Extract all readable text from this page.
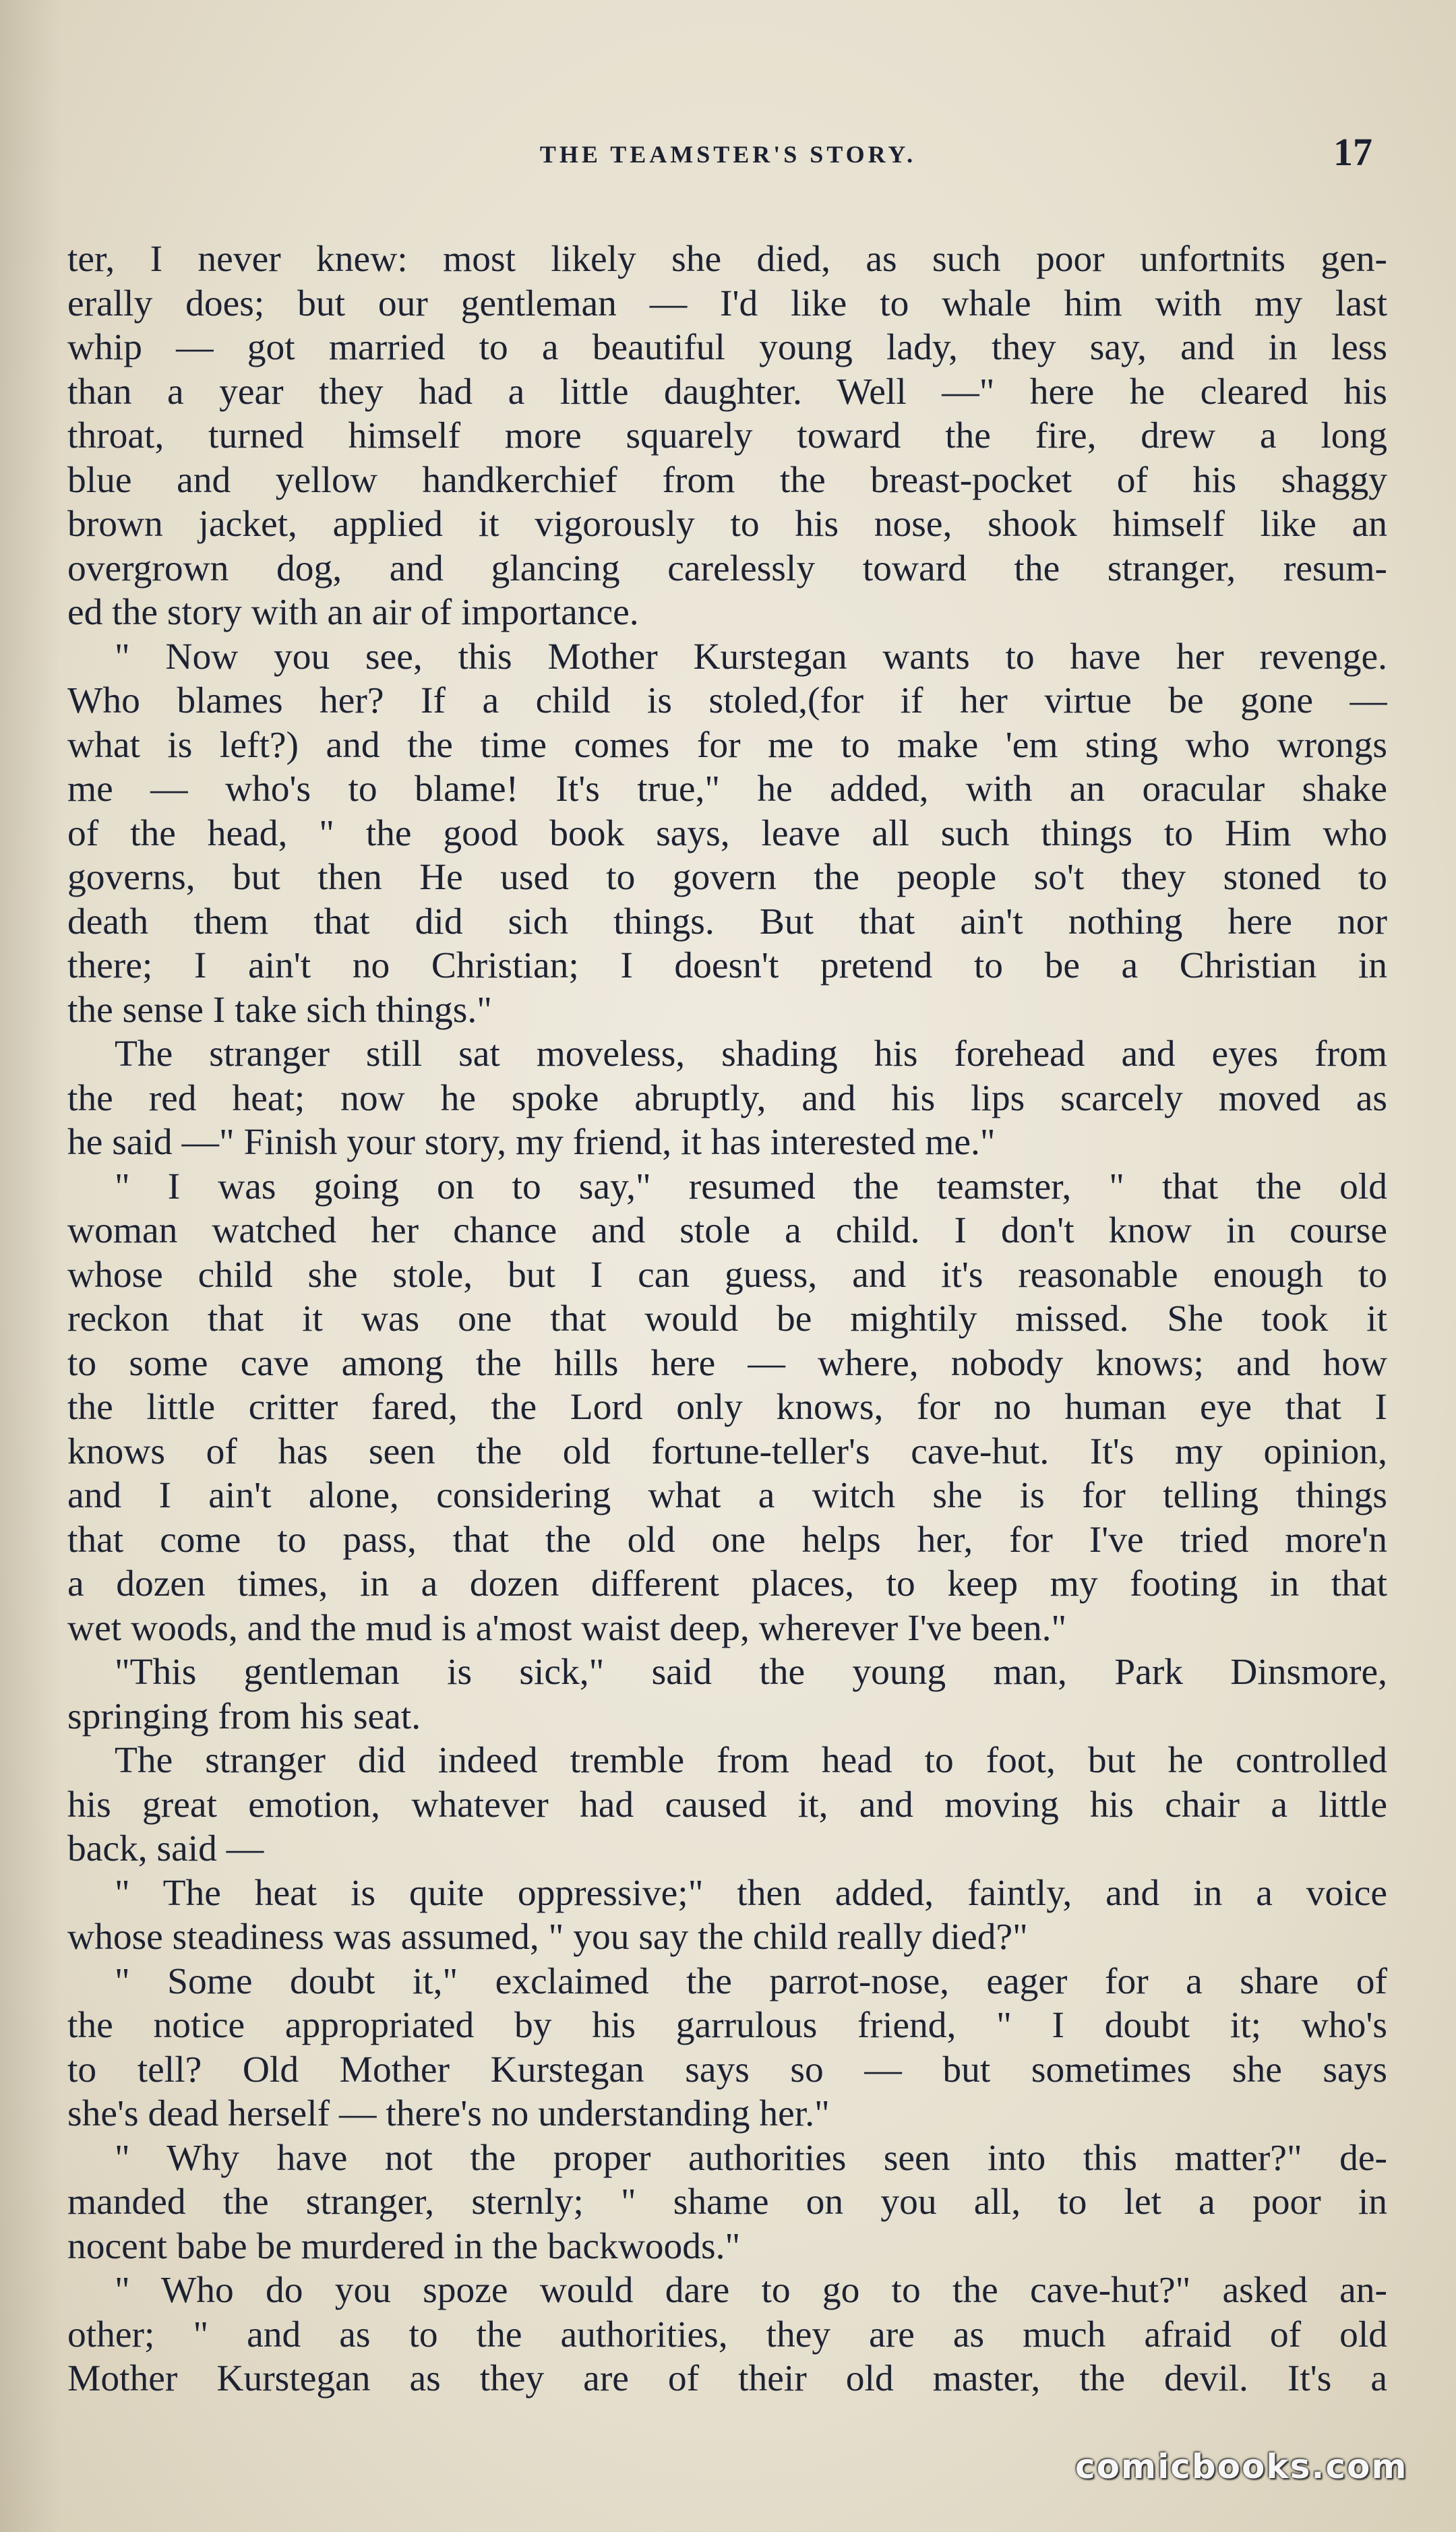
THE TEAMSTER'S STORY.	17
ter, I never knew: most likely she died, as such poor unfortnits gen-
erally does; but our gentleman — I'd like to whale him with my last
whip — got married to a beautiful young lady, they say, and in less
than a year they had a little daughter. Well —" here he cleared his
throat, turned himself more squarely toward the fire, drew a long
blue and yellow handkerchief from the breast-pocket of his shaggy
brown jacket, applied it vigorously to his nose, shook himself like an
overgrown dog, and glancing carelessly toward the stranger, resum-
ed the story with an air of importance.
" Now you see, this Mother Kurstegan wants to have her revenge.
Who blames her? If a child is stoled,(for if her virtue be gone —
what is left?) and the time comes for me to make 'em sting who wrongs
me — who's to blame! It's true," he added, with an oracular shake
of the head, " the good book says, leave all such things to Him who
governs, but then He used to govern the people so't they stoned to
death them that did sich things. But that ain't nothing here nor
there; I ain't no Christian; I doesn't pretend to be a Christian in
the sense I take sich things."
The stranger still sat moveless, shading his forehead and eyes from
the red heat; now he spoke abruptly, and his lips scarcely moved as
he said —" Finish your story, my friend, it has interested me."
" I was going on to say," resumed the teamster, " that the old
woman watched her chance and stole a child. I don't know in course
whose child she stole, but I can guess, and it's reasonable enough to
reckon that it was one that would be mightily missed. She took it
to some cave among the hills here — where, nobody knows; and how
the little critter fared, the Lord only knows, for no human eye that I
knows of has seen the old fortune-teller's cave-hut. It's my opinion,
and I ain't alone, considering what a witch she is for telling things
that come to pass, that the old one helps her, for I've tried more'n
a dozen times, in a dozen different places, to keep my footing in that
wet woods, and the mud is a'most waist deep, wherever I've been."
"This gentleman is sick," said the young man, Park Dinsmore,
springing from his seat.
The stranger did indeed tremble from head to foot, but he controlled
his great emotion, whatever had caused it, and moving his chair a little
back, said —
" The heat is quite oppressive;" then added, faintly, and in a voice
whose steadiness was assumed, " you say the child really died?"
" Some doubt it," exclaimed the parrot-nose, eager for a share of
the notice appropriated by his garrulous friend, " I doubt it; who's
to tell? Old Mother Kurstegan says so — but sometimes she says
she's dead herself — there's no understanding her."
" Why have not the proper authorities seen into this matter?" de-
manded the stranger, sternly; " shame on you all, to let a poor in
nocent babe be murdered in the backwoods."
" Who do you spoze would dare to go to the cave-hut?" asked an-
other; " and as to the authorities, they are as much afraid of old
Mother Kurstegan as they are of their old master, the devil. It's a
comicbooks.com
